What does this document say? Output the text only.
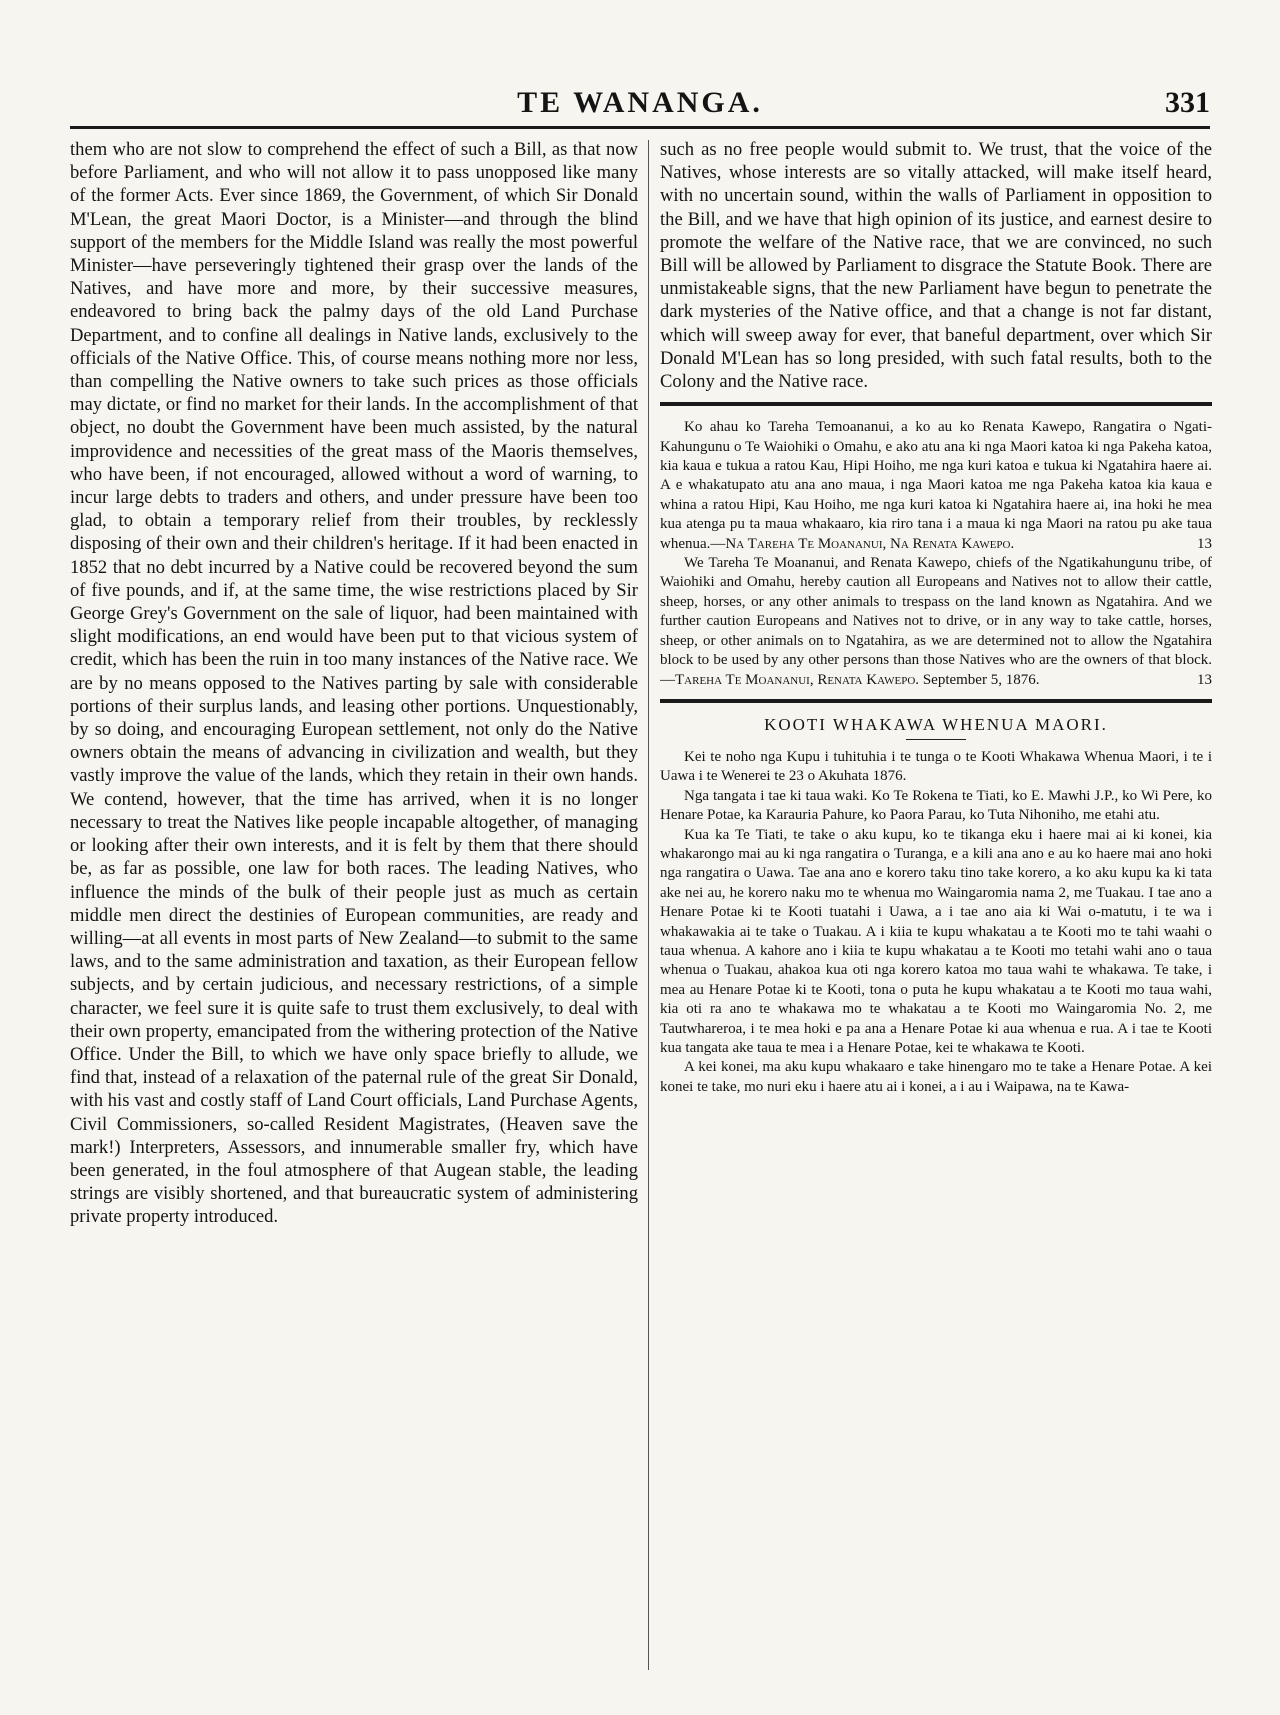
TE WANANGA.	331

them who are not slow to comprehend the effect of such a Bill, as that now before Parliament, and who will not allow it to pass unopposed like many of the former Acts. Ever since 1869, the Government, of which Sir Donald M'Lean, the great Maori Doctor, is a Minister—and through the blind support of the members for the Middle Island was really the most powerful Minister—have perseveringly tightened their grasp over the lands of the Natives, and have more and more, by their successive measures, endeavored to bring back the palmy days of the old Land Purchase Department, and to confine all dealings in Native lands, exclusively to the officials of the Native Office. This, of course means nothing more nor less, than compelling the Native owners to take such prices as those officials may dictate, or find no market for their lands. In the accomplishment of that object, no doubt the Government have been much assisted, by the natural improvidence and necessities of the great mass of the Maoris themselves, who have been, if not encouraged, allowed without a word of warning, to incur large debts to traders and others, and under pressure have been too glad, to obtain a temporary relief from their troubles, by recklessly disposing of their own and their children's heritage. If it had been enacted in 1852 that no debt incurred by a Native could be recovered beyond the sum of five pounds, and if, at the same time, the wise restrictions placed by Sir George Grey's Government on the sale of liquor, had been maintained with slight modifications, an end would have been put to that vicious system of credit, which has been the ruin in too many instances of the Native race. We are by no means opposed to the Natives parting by sale with considerable portions of their surplus lands, and leasing other portions. Unquestionably, by so doing, and encouraging European settlement, not only do the Native owners obtain the means of advancing in civilization and wealth, but they vastly improve the value of the lands, which they retain in their own hands. We contend, however, that the time has arrived, when it is no longer necessary to treat the Natives like people incapable altogether, of managing or looking after their own interests, and it is felt by them that there should be, as far as possible, one law for both races. The leading Natives, who influence the minds of the bulk of their people just as much as certain middle men direct the destinies of European communities, are ready and willing—at all events in most parts of New Zealand—to submit to the same laws, and to the same administration and taxation, as their European fellow subjects, and by certain judicious, and necessary restrictions, of a simple character, we feel sure it is quite safe to trust them exclusively, to deal with their own property, emancipated from the withering protection of the Native Office. Under the Bill, to which we have only space briefly to allude, we find that, instead of a relaxation of the paternal rule of the great Sir Donald, with his vast and costly staff of Land Court officials, Land Purchase Agents, Civil Commissioners, so-called Resident Magistrates, (Heaven save the mark!) Interpreters, Assessors, and innumerable smaller fry, which have been generated, in the foul atmosphere of that Augean stable, the leading strings are visibly shortened, and that bureaucratic system of administering private property introduced.

such as no free people would submit to. We trust, that the voice of the Natives, whose interests are so vitally attacked, will make itself heard, with no uncertain sound, within the walls of Parliament in opposition to the Bill, and we have that high opinion of its justice, and earnest desire to promote the welfare of the Native race, that we are convinced, no such Bill will be allowed by Parliament to disgrace the Statute Book. There are unmistakeable signs, that the new Parliament have begun to penetrate the dark mysteries of the Native office, and that a change is not far distant, which will sweep away for ever, that baneful department, over which Sir Donald M'Lean has so long presided, with such fatal results, both to the Colony and the Native race.

Ko ahau ko Tareha Temoananui, a ko au ko Renata Kawepo, Rangatira o Ngati-Kahungunu o Te Waiohiki o Omahu, e ako atu ana ki nga Maori katoa ki nga Pakeha katoa, kia kaua e tukua a ratou Kau, Hipi Hoiho, me nga kuri katoa e tukua ki Ngatahira haere ai. A e whakatupato atu ana ano maua, i nga Maori katoa me nga Pakeha katoa kia kaua e whina a ratou Hipi, Kau Hoiho, me nga kuri katoa ki Ngatahira haere ai, ina hoki he mea kua atenga pu ta maua whakaaro, kia riro tana i a maua ki nga Maori na ratou pu ake taua whenua.—Na Tareha Te Moananui, Na Renata Kawepo.	13

We Tareha Te Moananui, and Renata Kawepo, chiefs of the Ngatikahungunu tribe, of Waiohiki and Omahu, hereby caution all Europeans and Natives not to allow their cattle, sheep, horses, or any other animals to trespass on the land known as Ngatahira. And we further caution Europeans and Natives not to drive, or in any way to take cattle, horses, sheep, or other animals on to Ngatahira, as we are determined not to allow the Ngatahira block to be used by any other persons than those Natives who are the owners of that block.—Tareha Te Moananui, Renata Kawepo. September 5, 1876.	13

KOOTI WHAKAWA WHENUA MAORI.

Kei te noho nga Kupu i tuhituhia i te tunga o te Kooti Whakawa Whenua Maori, i te i Uawa i te Wenerei te 23 o Akuhata 1876.

Nga tangata i tae ki taua waki. Ko Te Rokena te Tiati, ko E. Mawhi J.P., ko Wi Pere, ko Henare Potae, ka Karauria Pahure, ko Paora Parau, ko Tuta Nihoniho, me etahi atu.

Kua ka Te Tiati, te take o aku kupu, ko te tikanga eku i haere mai ai ki konei, kia whakarongo mai au ki nga rangatira o Turanga, e a kili ana ano e au ko haere mai ano hoki nga rangatira o Uawa. Tae ana ano e korero taku tino take korero, a ko aku kupu ka ki tata ake nei au, he korero naku mo te whenua mo Waingaromia nama 2, me Tuakau. I tae ano a Henare Potae ki te Kooti tuatahi i Uawa, a i tae ano aia ki Wai o-matutu, i te wa i whakawakia ai te take o Tuakau. A i kiia te kupu whakatau a te Kooti mo te tahi waahi o taua whenua. A kahore ano i kiia te kupu whakatau a te Kooti mo tetahi wahi ano o taua whenua o Tuakau, ahakoa kua oti nga korero katoa mo taua wahi te whakawa. Te take, i mea au Henare Potae ki te Kooti, tona o puta he kupu whakatau a te Kooti mo taua wahi, kia oti ra ano te whakawa mo te whakatau a te Kooti mo Waingaromia No. 2, me Tautwhareroa, i te mea hoki e pa ana a Henare Potae ki aua whenua e rua. A i tae te Kooti kua tangata ake taua te mea i a Henare Potae, kei te whakawa te Kooti.

A kei konei, ma aku kupu whakaaro e take hinengaro mo te take a Henare Potae. A kei konei te take, mo nuri eku i haere atu ai i konei, a i au i Waipawa, na te Kawa-
